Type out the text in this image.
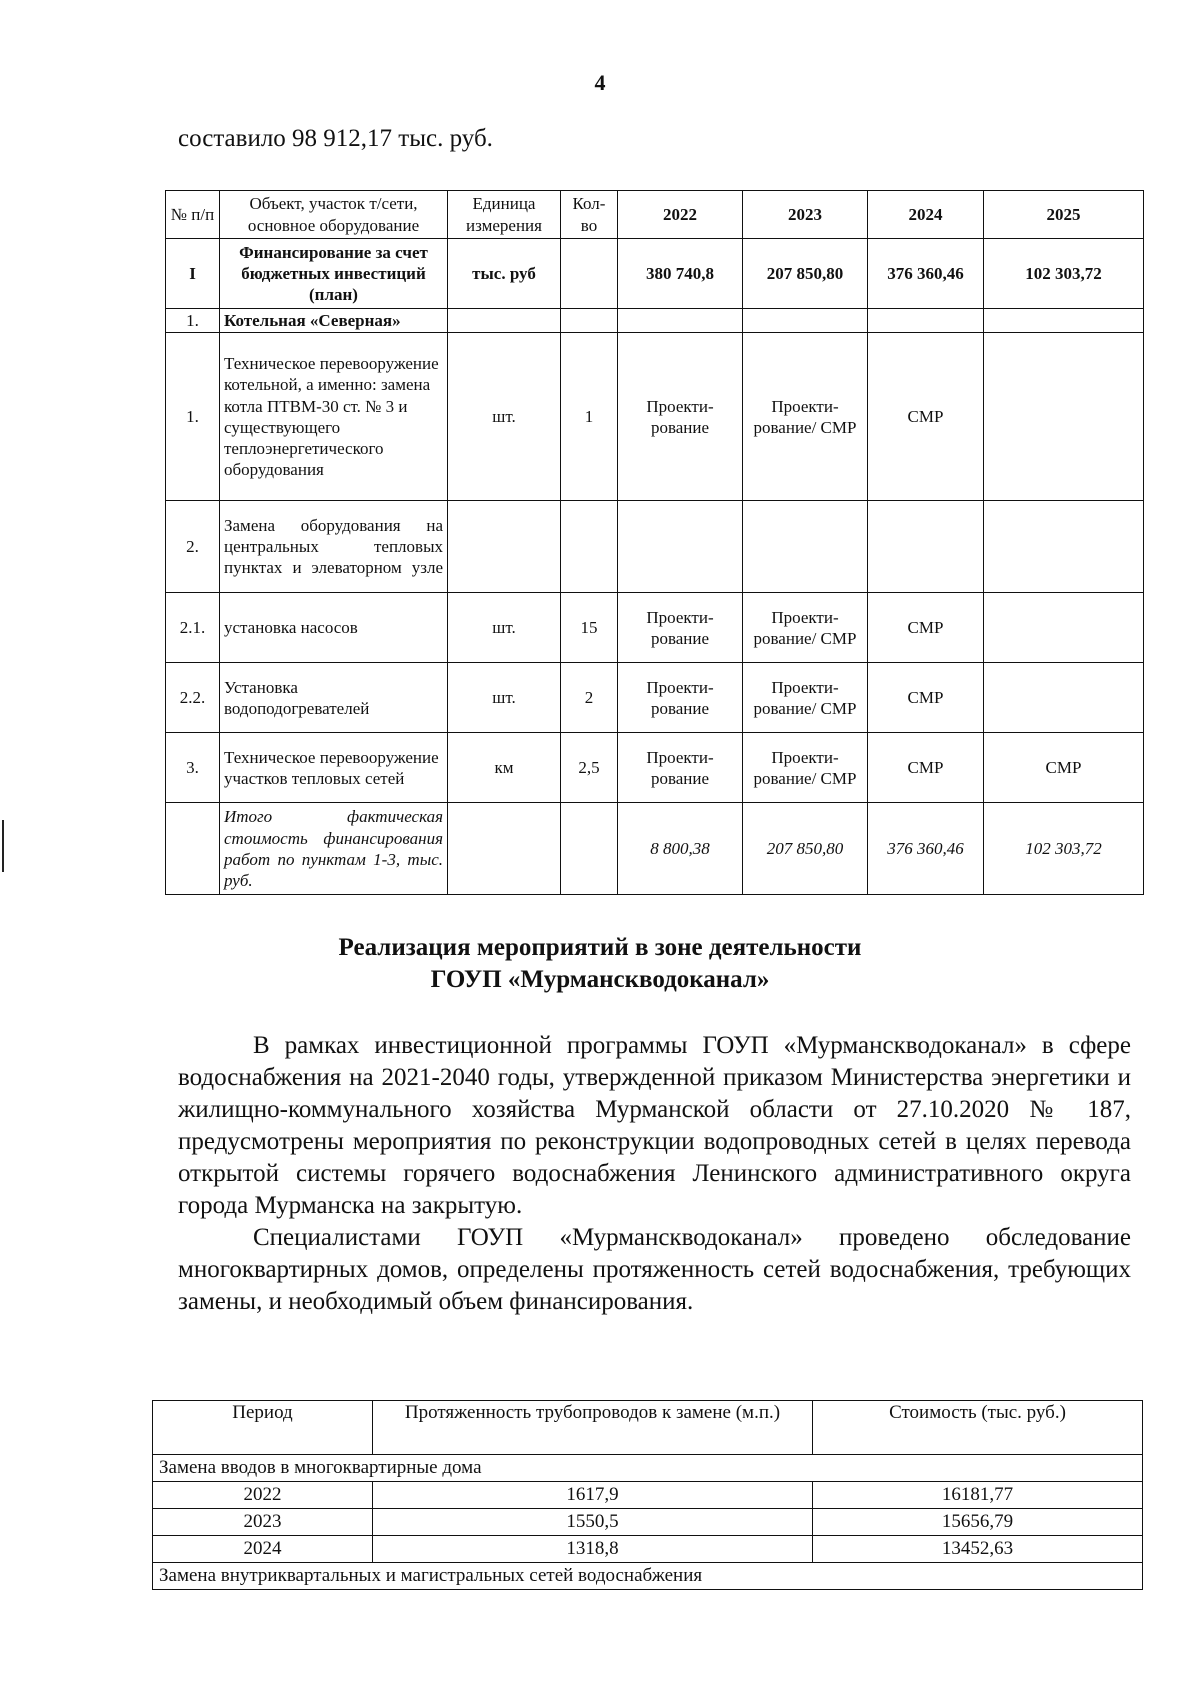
4
составило 98 912,17 тыс. руб.
№ п/п	Объект, участок т/сети, основное оборудование	Единица измерения	Кол-во	2022	2023	2024	2025
I	Финансирование за счет бюджетных инвестиций (план)	тыс. руб		380 740,8	207 850,80	376 360,46	102 303,72
1.	Котельная «Северная»						
1.	Техническое перевооружение котельной, а именно: замена котла ПТВМ-30 ст. № 3 и существующего теплоэнергетического оборудования	шт.	1	Проекти-рование	Проекти-рование/ СМР	СМР	
2.	Замена оборудования на центральных тепловых пунктах и элеваторном узле						
2.1.	установка насосов	шт.	15	Проекти-рование	Проекти-рование/ СМР	СМР	
2.2.	Установка водоподогревателей	шт.	2	Проекти-рование	Проекти-рование/ СМР	СМР	
3.	Техническое перевооружение участков тепловых сетей	км	2,5	Проекти-рование	Проекти-рование/ СМР	СМР	СМР
	Итого фактическая стоимость финансирования работ по пунктам 1-3, тыс. руб.			8 800,38	207 850,80	376 360,46	102 303,72
Реализация мероприятий в зоне деятельности
ГОУП «Мурманскводоканал»

В рамках инвестиционной программы ГОУП «Мурманскводоканал» в сфере водоснабжения на 2021-2040 годы, утвержденной приказом Министерства энергетики и жилищно-коммунального хозяйства Мурманской области от 27.10.2020 № 187, предусмотрены мероприятия по реконструкции водопроводных сетей в целях перевода открытой системы горячего водоснабжения Ленинского административного округа города Мурманска на закрытую.

Специалистами ГОУП «Мурманскводоканал» проведено обследование многоквартирных домов, определены протяженность сетей водоснабжения, требующих замены, и необходимый объем финансирования.

Период	Протяженность трубопроводов к замене (м.п.)	Стоимость (тыс. руб.)
Замена вводов в многоквартирные дома		
2022	1617,9	16181,77
2023	1550,5	15656,79
2024	1318,8	13452,63
Замена внутриквартальных и магистральных сетей водоснабжения		
